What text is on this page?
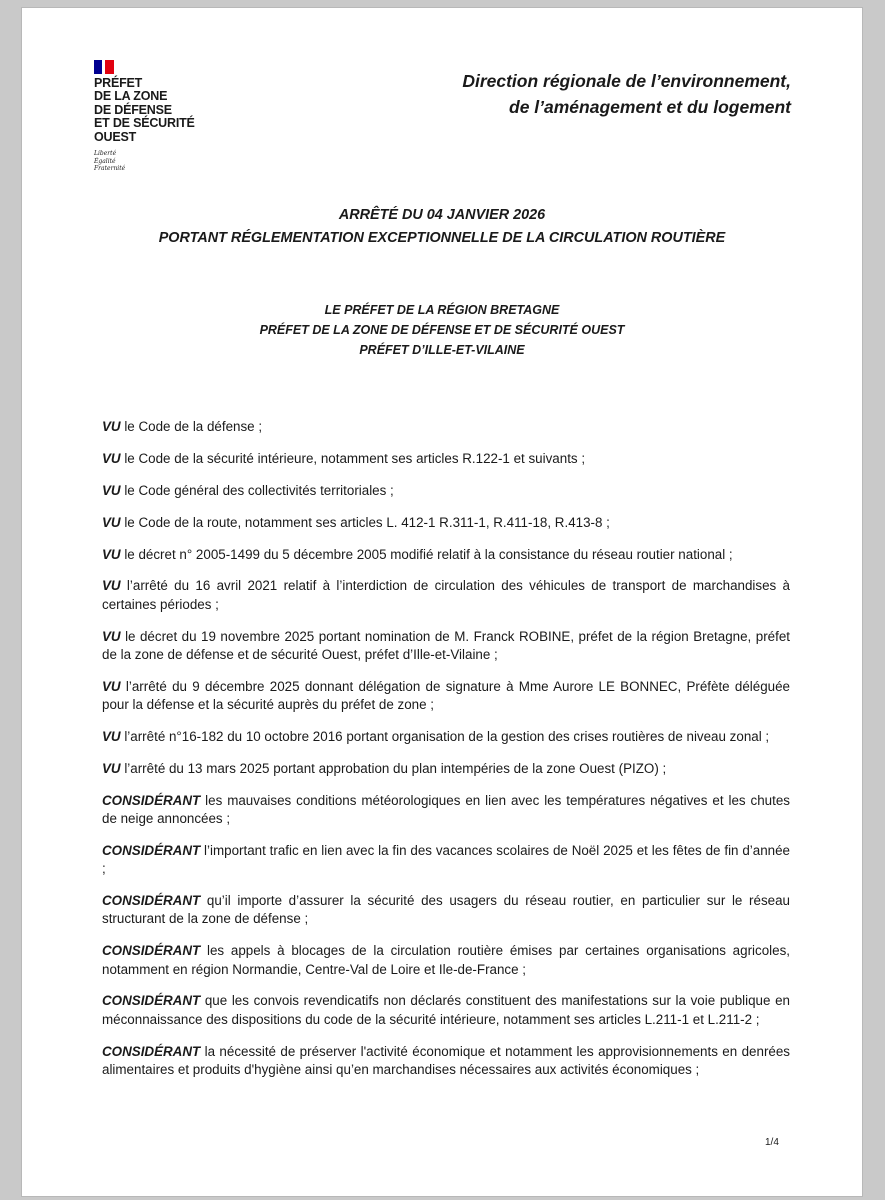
PRÉFET
DE LA ZONE
DE DÉFENSE
ET DE SÉCURITÉ
OUEST
Liberté
Égalité
Fraternité
Direction régionale de l’environnement,
de l’aménagement et du logement
ARRÊTÉ DU 04 JANVIER 2026
PORTANT RÉGLEMENTATION EXCEPTIONNELLE DE LA CIRCULATION ROUTIÈRE
LE PRÉFET DE LA RÉGION BRETAGNE
PRÉFET DE LA ZONE DE DÉFENSE ET DE SÉCURITÉ OUEST
PRÉFET D’ILLE-ET-VILAINE

VU le Code de la défense ;

VU le Code de la sécurité intérieure, notamment ses articles R.122-1 et suivants ;

VU le Code général des collectivités territoriales ;

VU le Code de la route, notamment ses articles L. 412-1 R.311-1, R.411-18, R.413-8 ;

VU le décret n° 2005-1499 du 5 décembre 2005 modifié relatif à la consistance du réseau routier national ;

VU l’arrêté du 16 avril 2021 relatif à l’interdiction de circulation des véhicules de transport de marchandises à certaines périodes ;

VU le décret du 19 novembre 2025 portant nomination de M. Franck ROBINE, préfet de la région Bretagne, préfet de la zone de défense et de sécurité Ouest, préfet d’Ille-et-Vilaine ;

VU l’arrêté du 9 décembre 2025 donnant délégation de signature à Mme Aurore LE BONNEC, Préfète déléguée pour la défense et la sécurité auprès du préfet de zone ;

VU l’arrêté n°16-182 du 10 octobre 2016 portant organisation de la gestion des crises routières de niveau zonal ;

VU l’arrêté du 13 mars 2025 portant approbation du plan intempéries de la zone Ouest (PIZO) ;

CONSIDÉRANT les mauvaises conditions météorologiques en lien avec les températures négatives et les chutes de neige annoncées ;

CONSIDÉRANT l’important trafic en lien avec la fin des vacances scolaires de Noël 2025 et les fêtes de fin d’année ;

CONSIDÉRANT qu’il importe d’assurer la sécurité des usagers du réseau routier, en particulier sur le réseau structurant de la zone de défense ;

CONSIDÉRANT les appels à blocages de la circulation routière émises par certaines organisations agricoles, notamment en région Normandie, Centre-Val de Loire et Ile-de-France ;

CONSIDÉRANT que les convois revendicatifs non déclarés constituent des manifestations sur la voie publique en méconnaissance des dispositions du code de la sécurité intérieure, notamment ses articles L.211-1 et L.211-2 ;

CONSIDÉRANT la nécessité de préserver l'activité économique et notamment les approvisionnements en denrées alimentaires et produits d'hygiène ainsi qu’en marchandises nécessaires aux activités économiques ;

1/4
